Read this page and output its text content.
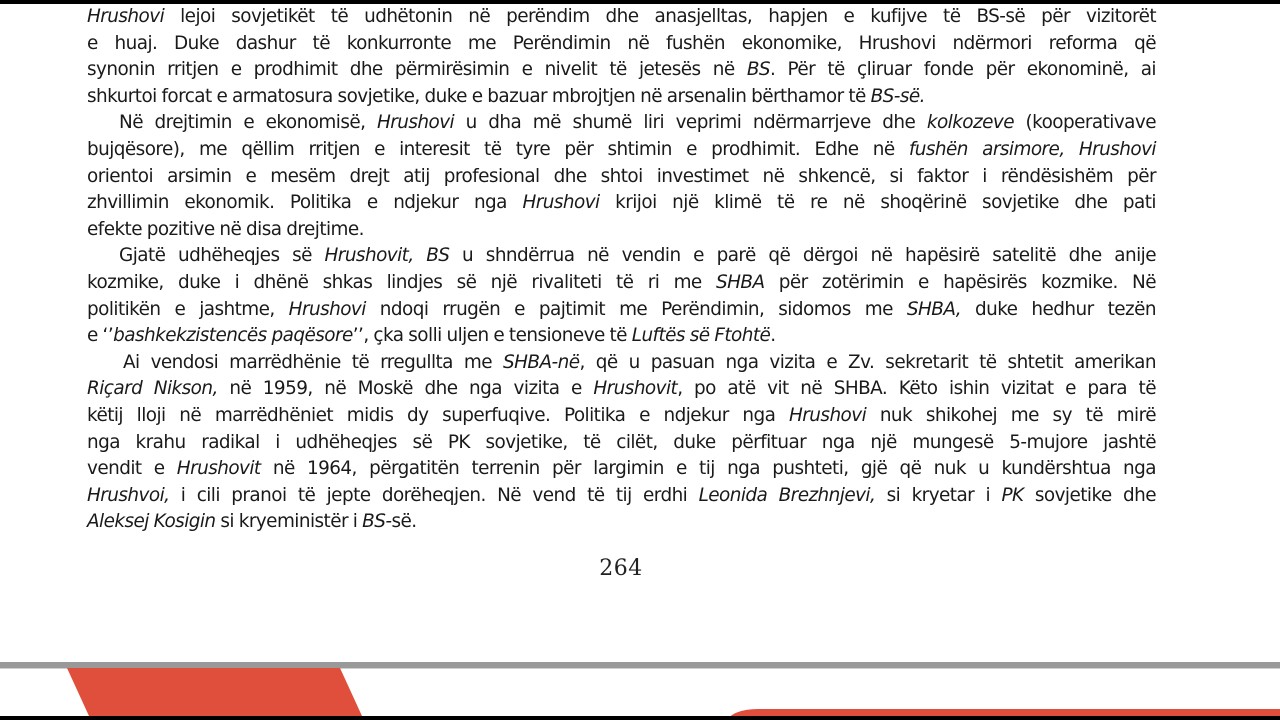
Hrushovi lejoi sovjetikët të udhëtonin në perëndim dhe anasjelltas, hapjen e kufijve të BS-së për vizitorët
e huaj. Duke dashur të konkurronte me Perëndimin në fushën ekonomike, Hrushovi ndërmori reforma që
synonin rritjen e prodhimit dhe përmirësimin e nivelit të jetesës në BS. Për të çliruar fonde për ekonominë, ai
shkurtoi forcat e armatosura sovjetike, duke e bazuar mbrojtjen në arsenalin bërthamor të BS-së.
Në drejtimin e ekonomisë, Hrushovi u dha më shumë liri veprimi ndërmarrjeve dhe kolkozeve (kooperativave
bujqësore), me qëllim rritjen e interesit të tyre për shtimin e prodhimit. Edhe në fushën arsimore, Hrushovi
orientoi arsimin e mesëm drejt atij profesional dhe shtoi investimet në shkencë, si faktor i rëndësishëm për
zhvillimin ekonomik. Politika e ndjekur nga Hrushovi krijoi një klimë të re në shoqërinë sovjetike dhe pati
efekte pozitive në disa drejtime.
Gjatë udhëheqjes së Hrushovit, BS u shndërrua në vendin e parë që dërgoi në hapësirë satelitë dhe anije
kozmike, duke i dhënë shkas lindjes së një rivaliteti të ri me SHBA për zotërimin e hapësirës kozmike. Në
politikën e jashtme, Hrushovi ndoqi rrugën e pajtimit me Perëndimin, sidomos me SHBA, duke hedhur tezën
e ‘’bashkekzistencës paqësore’’, çka solli uljen e tensioneve të Luftës së Ftohtë.
Ai vendosi marrëdhënie të rregullta me SHBA-në, që u pasuan nga vizita e Zv. sekretarit të shtetit amerikan
Riçard Nikson, në 1959, në Moskë dhe nga vizita e Hrushovit, po atë vit në SHBA. Këto ishin vizitat e para të
këtij lloji në marrëdhëniet midis dy superfuqive. Politika e ndjekur nga Hrushovi nuk shikohej me sy të mirë
nga krahu radikal i udhëheqjes së PK sovjetike, të cilët, duke përfituar nga një mungesë 5-mujore jashtë
vendit e Hrushovit në 1964, përgatitën terrenin për largimin e tij nga pushteti, gjë që nuk u kundërshtua nga
Hrushvoi, i cili pranoi të jepte dorëheqjen. Në vend të tij erdhi Leonida Brezhnjevi, si kryetar i PK sovjetike dhe
Aleksej Kosigin si kryeministër i BS-së.
264
